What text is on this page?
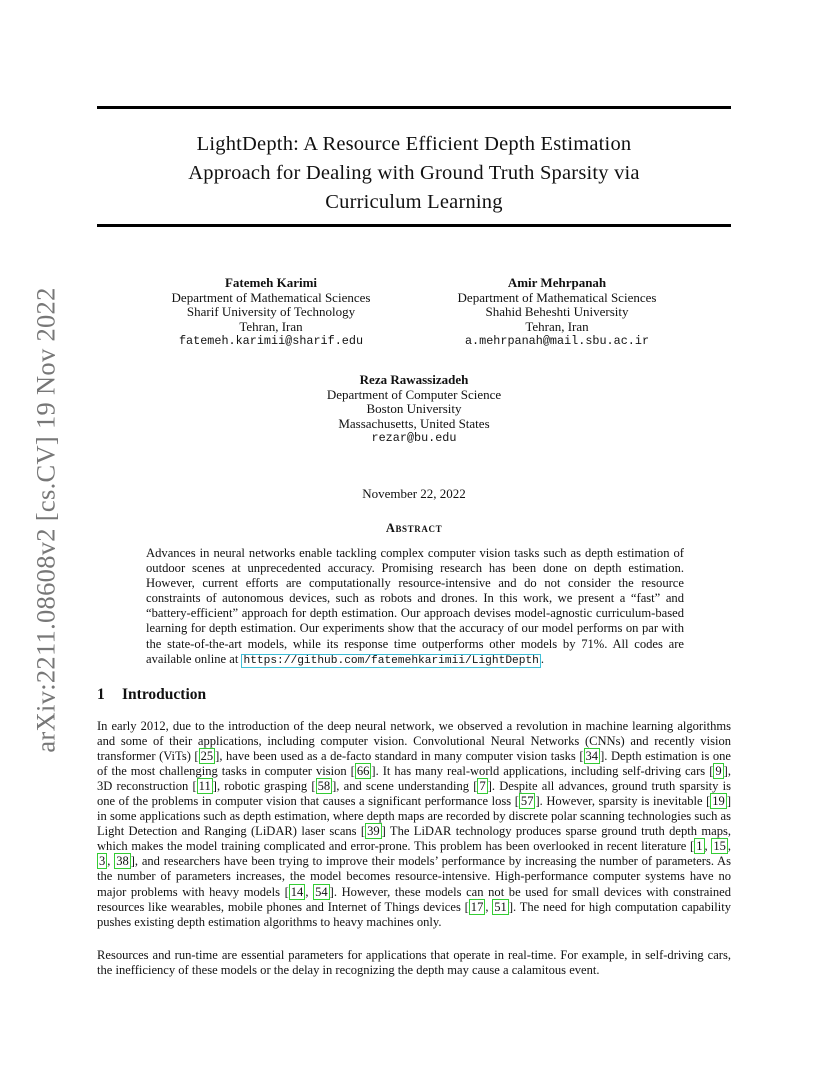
arXiv:2211.08608v2 [cs.CV] 19 Nov 2022
LightDepth: A Resource Efficient Depth Estimation
Approach for Dealing with Ground Truth Sparsity via
Curriculum Learning
Fatemeh Karimi
Department of Mathematical Sciences
Sharif University of Technology
Tehran, Iran
fatemeh.karimii@sharif.edu
Amir Mehrpanah
Department of Mathematical Sciences
Shahid Beheshti University
Tehran, Iran
a.mehrpanah@mail.sbu.ac.ir
Reza Rawassizadeh
Department of Computer Science
Boston University
Massachusetts, United States
rezar@bu.edu
November 22, 2022
Abstract
Advances in neural networks enable tackling complex computer vision tasks such as depth estimation of outdoor scenes at unprecedented accuracy. Promising research has been done on depth estimation. However, current efforts are computationally resource-intensive and do not consider the resource constraints of autonomous devices, such as robots and drones. In this work, we present a “fast” and “battery-efficient” approach for depth estimation. Our approach devises model-agnostic curriculum-based learning for depth estimation. Our experiments show that the accuracy of our model performs on par with the state-of-the-art models, while its response time outperforms other models by 71%. All codes are available online at https://github.com/fatemehkarimii/LightDepth .
1 Introduction
In early 2012, due to the introduction of the deep neural network, we observed a revolution in machine learning algorithms and some of their applications, including computer vision. Convolutional Neural Networks (CNNs) and recently vision transformer (ViTs) [ 25 ], have been used as a de-facto standard in many computer vision tasks [ 34 ]. Depth estimation is one of the most challenging tasks in computer vision [ 66 ]. It has many real-world applications, including self-driving cars [ 9 ], 3D reconstruction [ 11 ], robotic grasping [ 58 ], and scene understanding [ 7 ]. Despite all advances, ground truth sparsity is one of the problems in computer vision that causes a significant performance loss [ 57 ]. However, sparsity is inevitable [ 19 ] in some applications such as depth estimation, where depth maps are recorded by discrete polar scanning technologies such as Light Detection and Ranging (LiDAR) laser scans [ 39 ] The LiDAR technology produces sparse ground truth depth maps, which makes the model training complicated and error-prone. This problem has been overlooked in recent literature [ 1 , 15 , 3 , 38 ], and researchers have been trying to improve their models’ performance by increasing the number of parameters. As the number of parameters increases, the model becomes resource-intensive. High-performance computer systems have no major problems with heavy models [ 14 , 54 ]. However, these models can not be used for small devices with constrained resources like wearables, mobile phones and Internet of Things devices [ 17 , 51 ]. The need for high computation capability pushes existing depth estimation algorithms to heavy machines only.
Resources and run-time are essential parameters for applications that operate in real-time. For example, in self-driving cars, the inefficiency of these models or the delay in recognizing the depth may cause a calamitous event.
